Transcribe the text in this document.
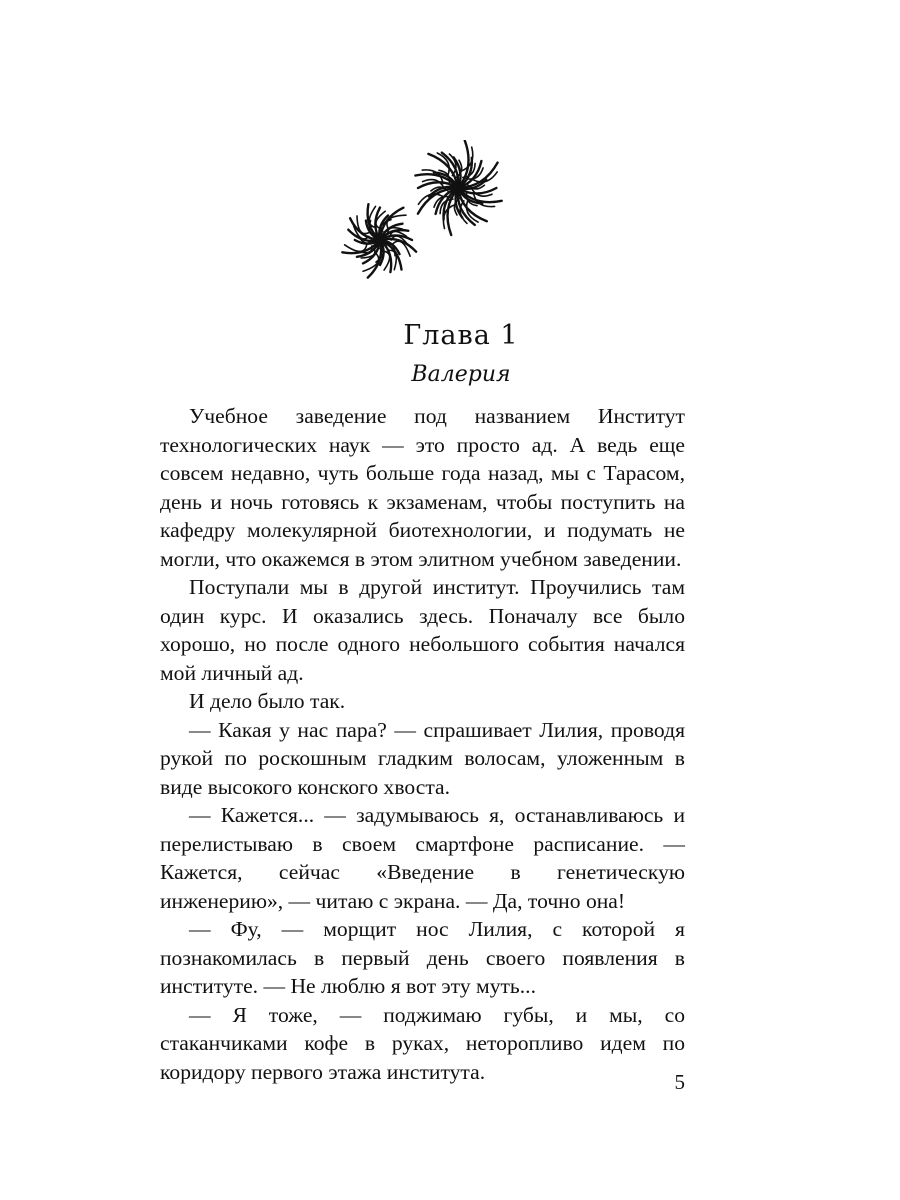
Глава 1
Валерия

Учебное заведение под названием Институт технологических наук — это просто ад. А ведь еще совсем недавно, чуть больше года назад, мы с Тарасом, день и ночь готовясь к экзаменам, чтобы поступить на кафедру молекулярной биотехнологии, и подумать не могли, что окажемся в этом элитном учебном заведении.

Поступали мы в другой институт. Проучились там один курс. И оказались здесь. Поначалу все было хорошо, но после одного небольшого события начался мой личный ад.

И дело было так.

— Какая у нас пара? — спрашивает Лилия, проводя рукой по роскошным гладким волосам, уложенным в виде высокого конского хвоста.

— Кажется... — задумываюсь я, останавливаюсь и перелистываю в своем смартфоне расписание. — Кажется, сейчас «Введение в генетическую инженерию», — читаю с экрана. — Да, точно она!

— Фу, — морщит нос Лилия, с которой я познакомилась в первый день своего появления в институте. — Не люблю я вот эту муть...

— Я тоже, — поджимаю губы, и мы, со стаканчиками кофе в руках, неторопливо идем по коридору первого этажа института.	5
